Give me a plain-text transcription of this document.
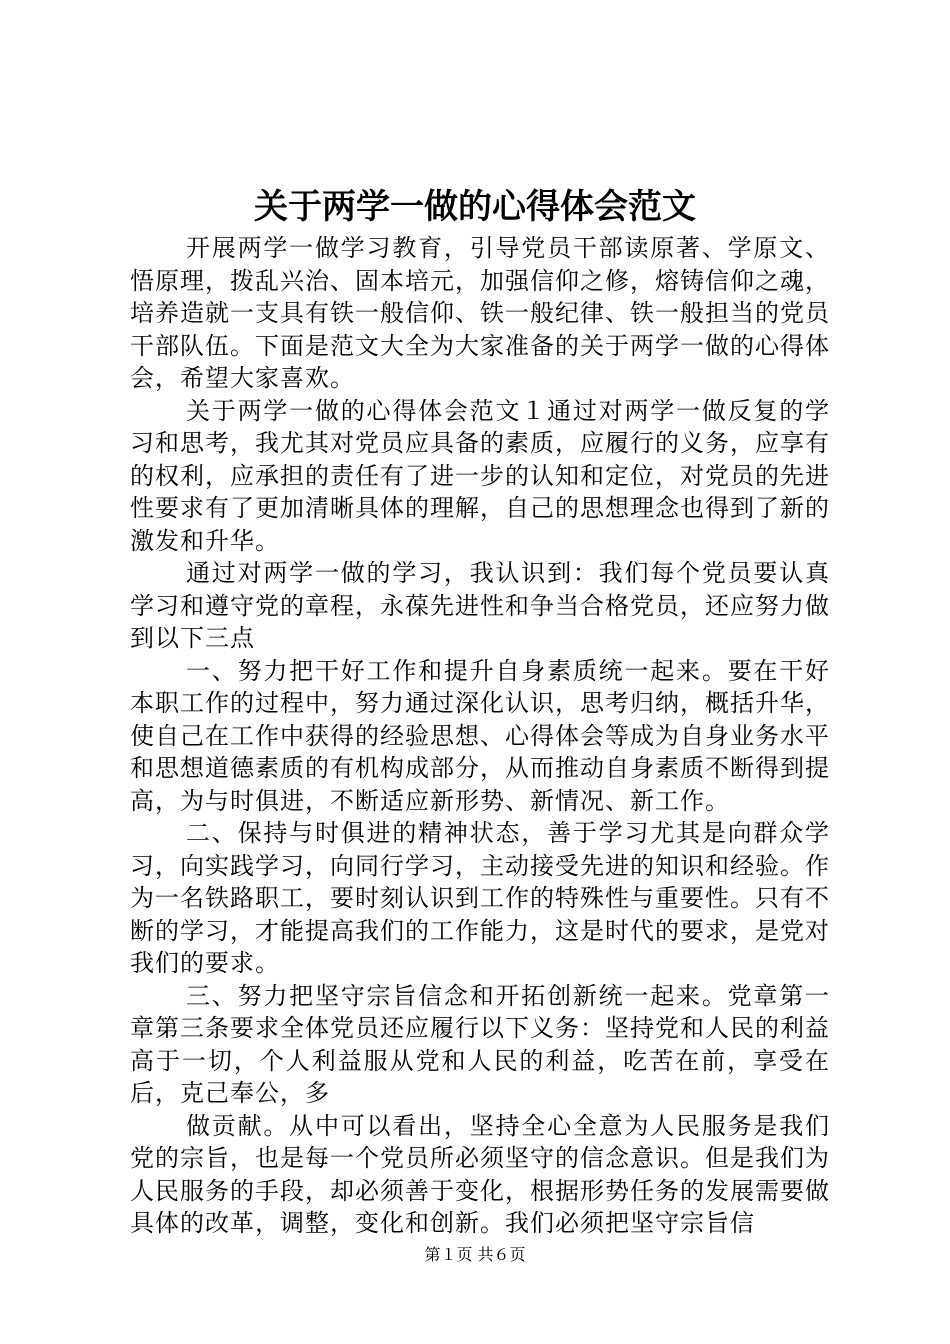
关于两学一做的心得体会范文

开展两学一做学习教育，引导党员干部读原著、学原文、悟原理，拨乱兴治、固本培元，加强信仰之修，熔铸信仰之魂，培养造就一支具有铁一般信仰、铁一般纪律、铁一般担当的党员干部队伍。下面是范文大全为大家准备的关于两学一做的心得体会，希望大家喜欢。

关于两学一做的心得体会范文１通过对两学一做反复的学习和思考，我尤其对党员应具备的素质，应履行的义务，应享有的权利，应承担的责任有了进一步的认知和定位，对党员的先进性要求有了更加清晰具体的理解，自己的思想理念也得到了新的激发和升华。

通过对两学一做的学习，我认识到：我们每个党员要认真学习和遵守党的章程，永葆先进性和争当合格党员，还应努力做到以下三点

一、努力把干好工作和提升自身素质统一起来。要在干好本职工作的过程中，努力通过深化认识，思考归纳，概括升华，使自己在工作中获得的经验思想、心得体会等成为自身业务水平和思想道德素质的有机构成部分，从而推动自身素质不断得到提高，为与时俱进，不断适应新形势、新情况、新工作。

二、保持与时俱进的精神状态，善于学习尤其是向群众学习，向实践学习，向同行学习，主动接受先进的知识和经验。作为一名铁路职工，要时刻认识到工作的特殊性与重要性。只有不断的学习，才能提高我们的工作能力，这是时代的要求，是党对我们的要求。

三、努力把坚守宗旨信念和开拓创新统一起来。党章第一章第三条要求全体党员还应履行以下义务：坚持党和人民的利益高于一切，个人利益服从党和人民的利益，吃苦在前，享受在后，克己奉公，多

做贡献。从中可以看出，坚持全心全意为人民服务是我们党的宗旨，也是每一个党员所必须坚守的信念意识。但是我们为人民服务的手段，却必须善于变化，根据形势任务的发展需要做具体的改革，调整，变化和创新。我们必须把坚守宗旨信

第１页 共６页
